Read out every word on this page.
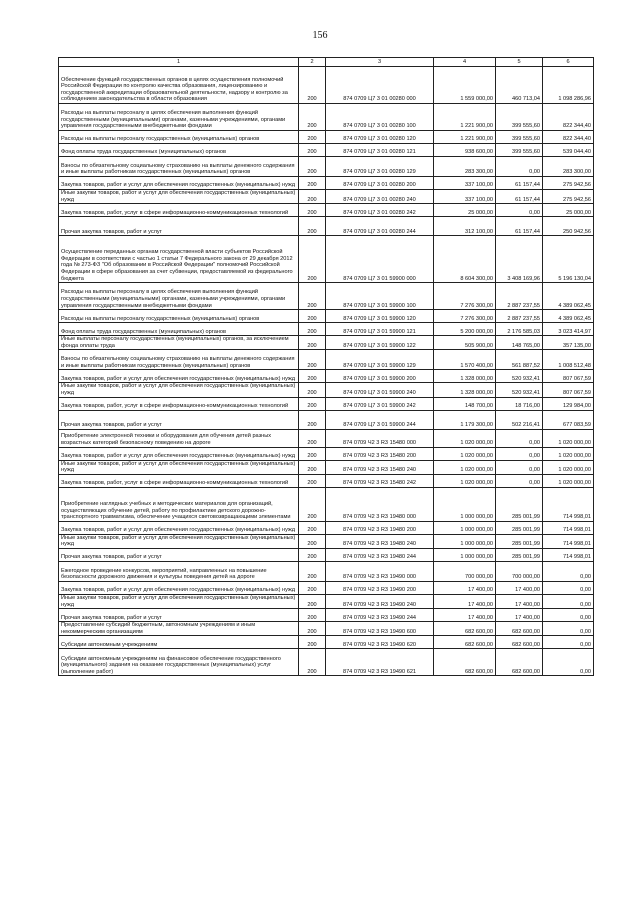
156
1	2	3	4	5	6
Обеспечение функций государственных органов в целях осуществления полномочий Российской Федерации по контролю качества образования, лицензированию и государственной аккредитации образовательной деятельности, надзору и контролю за соблюдением законодательства в области образования	200	874 0709 Ц7 3 01 00280 000	1 559 000,00	460 713,04	1 098 286,96
Расходы на выплаты персоналу в целях обеспечения выполнения функций государственными (муниципальными) органами, казенными учреждениями, органами управления государственными внебюджетными фондами	200	874 0709 Ц7 3 01 00280 100	1 221 900,00	399 555,60	822 344,40
Расходы на выплаты персоналу государственных (муниципальных) органов	200	874 0709 Ц7 3 01 00280 120	1 221 900,00	399 555,60	822 344,40
Фонд оплаты труда государственных (муниципальных) органов	200	874 0709 Ц7 3 01 00280 121	938 600,00	399 555,60	539 044,40
Взносы по обязательному социальному страхованию на выплаты денежного содержания и иные выплаты работникам государственных (муниципальных) органов	200	874 0709 Ц7 3 01 00280 129	283 300,00	0,00	283 300,00
Закупка товаров, работ и услуг для обеспечения государственных (муниципальных) нужд	200	874 0709 Ц7 3 01 00280 200	337 100,00	61 157,44	275 942,56
Иные закупки товаров, работ и услуг для обеспечения государственных (муниципальных) нужд	200	874 0709 Ц7 3 01 00280 240	337 100,00	61 157,44	275 942,56
Закупка товаров, работ, услуг в сфере информационно-коммуникационных технологий	200	874 0709 Ц7 3 01 00280 242	25 000,00	0,00	25 000,00
Прочая закупка товаров, работ и услуг	200	874 0709 Ц7 3 01 00280 244	312 100,00	61 157,44	250 942,56
Осуществление переданных органам государственной власти субъектов Российской Федерации в соответствии с частью 1 статьи 7 Федерального закона от 29 декабря 2012 года № 273-ФЗ "Об образовании в Российской Федерации" полномочий Российской Федерации в сфере образования за счет субвенции, предоставляемой из федерального бюджета	200	874 0709 Ц7 3 01 59900 000	8 604 300,00	3 408 169,96	5 196 130,04
Расходы на выплаты персоналу в целях обеспечения выполнения функций государственными (муниципальными) органами, казенными учреждениями, органами управления государственными внебюджетными фондами	200	874 0709 Ц7 3 01 59900 100	7 276 300,00	2 887 237,55	4 389 062,45
Расходы на выплаты персоналу государственных (муниципальных) органов	200	874 0709 Ц7 3 01 59900 120	7 276 300,00	2 887 237,55	4 389 062,45
Фонд оплаты труда государственных (муниципальных) органов	200	874 0709 Ц7 3 01 59900 121	5 200 000,00	2 176 585,03	3 023 414,97
Иные выплаты персоналу государственных (муниципальных) органов, за исключением фонда оплаты труда	200	874 0709 Ц7 3 01 59900 122	505 900,00	148 765,00	357 135,00
Взносы по обязательному социальному страхованию на выплаты денежного содержания и иные выплаты работникам государственных (муниципальных) органов	200	874 0709 Ц7 3 01 59900 129	1 570 400,00	561 887,52	1 008 512,48
Закупка товаров, работ и услуг для обеспечения государственных (муниципальных) нужд	200	874 0709 Ц7 3 01 59900 200	1 328 000,00	520 932,41	807 067,59
Иные закупки товаров, работ и услуг для обеспечения государственных (муниципальных) нужд	200	874 0709 Ц7 3 01 59900 240	1 328 000,00	520 932,41	807 067,59
Закупка товаров, работ, услуг в сфере информационно-коммуникационных технологий	200	874 0709 Ц7 3 01 59900 242	148 700,00	18 716,00	129 984,00
Прочая закупка товаров, работ и услуг	200	874 0709 Ц7 3 01 59900 244	1 179 300,00	502 216,41	677 083,59
Приобретение электронной техники и оборудования для обучения детей разных возрастных категорий безопасному поведению на дороге	200	874 0709 Ч2 3 R3 15480 000	1 020 000,00	0,00	1 020 000,00
Закупка товаров, работ и услуг для обеспечения государственных (муниципальных) нужд	200	874 0709 Ч2 3 R3 15480 200	1 020 000,00	0,00	1 020 000,00
Иные закупки товаров, работ и услуг для обеспечения государственных (муниципальных) нужд	200	874 0709 Ч2 3 R3 15480 240	1 020 000,00	0,00	1 020 000,00
Закупка товаров, работ, услуг в сфере информационно-коммуникационных технологий	200	874 0709 Ч2 3 R3 15480 242	1 020 000,00	0,00	1 020 000,00
Приобретение наглядных учебных и методических материалов для организаций, осуществляющих обучение детей, работу по профилактике детского дорожно-транспортного травматизма, обеспечение учащихся световозвращающими элементами	200	874 0709 Ч2 3 R3 19480 000	1 000 000,00	285 001,99	714 998,01
Закупка товаров, работ и услуг для обеспечения государственных (муниципальных) нужд	200	874 0709 Ч2 3 R3 19480 200	1 000 000,00	285 001,99	714 998,01
Иные закупки товаров, работ и услуг для обеспечения государственных (муниципальных) нужд	200	874 0709 Ч2 3 R3 19480 240	1 000 000,00	285 001,99	714 998,01
Прочая закупка товаров, работ и услуг	200	874 0709 Ч2 3 R3 19480 244	1 000 000,00	285 001,99	714 998,01
Ежегодное проведение конкурсов, мероприятий, направленных на повышение безопасности дорожного движения и культуры поведения детей на дороге	200	874 0709 Ч2 3 R3 19490 000	700 000,00	700 000,00	0,00
Закупка товаров, работ и услуг для обеспечения государственных (муниципальных) нужд	200	874 0709 Ч2 3 R3 19490 200	17 400,00	17 400,00	0,00
Иные закупки товаров, работ и услуг для обеспечения государственных (муниципальных) нужд	200	874 0709 Ч2 3 R3 19490 240	17 400,00	17 400,00	0,00
Прочая закупка товаров, работ и услуг	200	874 0709 Ч2 3 R3 19490 244	17 400,00	17 400,00	0,00
Предоставление субсидий бюджетным, автономным учреждениям и иным некоммерческим организациям	200	874 0709 Ч2 3 R3 19490 600	682 600,00	682 600,00	0,00
Субсидии автономным учреждениям	200	874 0709 Ч2 3 R3 19490 620	682 600,00	682 600,00	0,00
Субсидии автономным учреждениям на финансовое обеспечение государственного (муниципального) задания на оказание государственных (муниципальных) услуг (выполнение работ)	200	874 0709 Ч2 3 R3 19490 621	682 600,00	682 600,00	0,00
